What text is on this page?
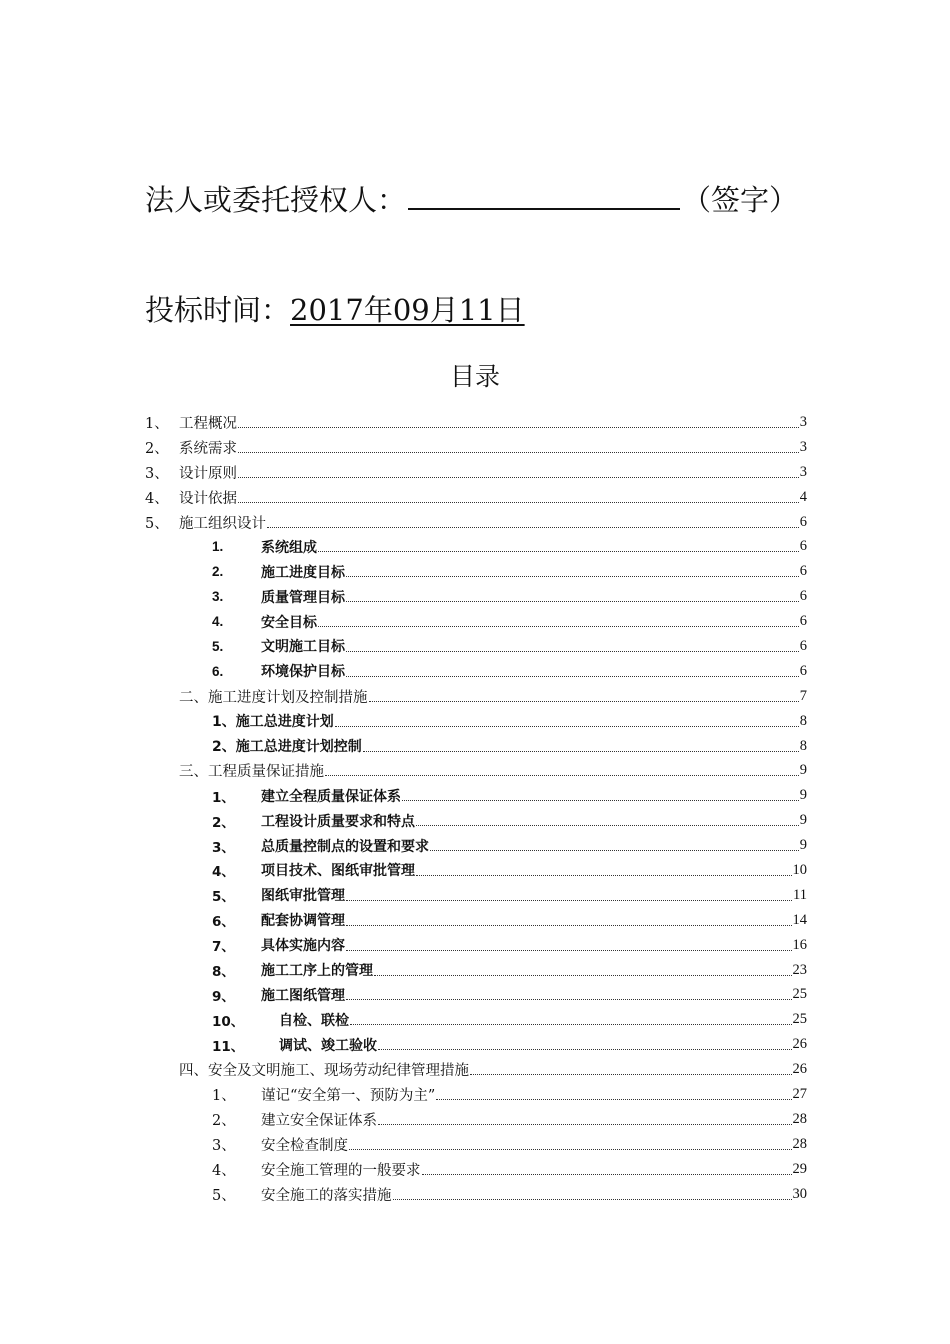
法人或委托授权人：	（签字）
投标时间：2017年09月11日
目录
1、 工程概况	3
2、 系统需求	3
3、 设计原则	3
4、 设计依据	4
5、 施工组织设计	6
1.	系统组成	6
2.	施工进度目标	6
3.	质量管理目标	6
4.	安全目标	6
5.	文明施工目标	6
6.	环境保护目标	6
二、施工进度计划及控制措施	7
1、施工总进度计划	8
2、施工总进度计划控制	8
三、工程质量保证措施	9
1、	建立全程质量保证体系	9
2、	工程设计质量要求和特点	9
3、	总质量控制点的设置和要求	9
4、	项目技术、图纸审批管理	10
5、	图纸审批管理	11
6、	配套协调管理	14
7、	具体实施内容	16
8、	施工工序上的管理	23
9、	施工图纸管理	25
10、	自检、联检	25
11、	调试、竣工验收	26
四、安全及文明施工、现场劳动纪律管理措施	26
1、	谨记“安全第一、预防为主”	27
2、	建立安全保证体系	28
3、	安全检查制度	28
4、	安全施工管理的一般要求	29
5、	安全施工的落实措施	30
